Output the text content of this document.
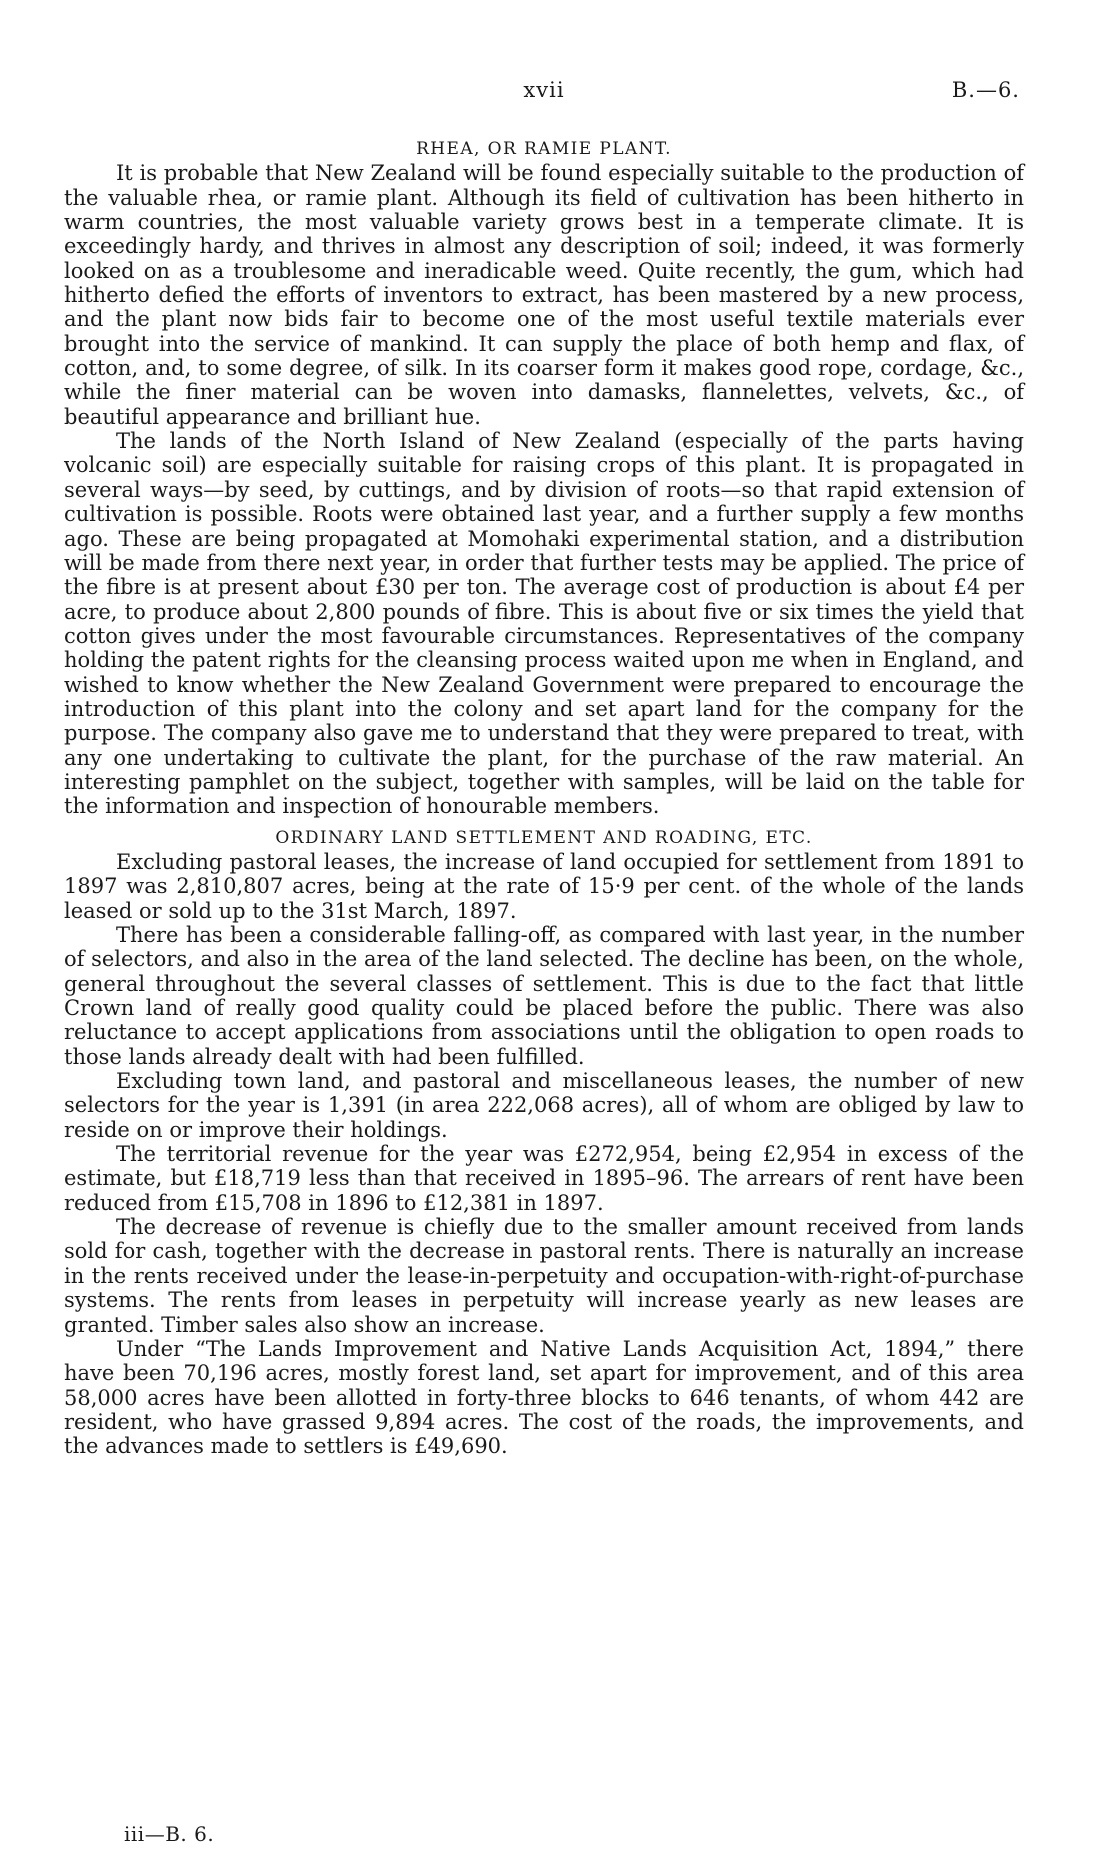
xvii	B.—6.
RHEA, OR RAMIE PLANT.

It is probable that New Zealand will be found especially suitable to the production of the valuable rhea, or ramie plant. Although its field of cultivation has been hitherto in warm countries, the most valuable variety grows best in a temperate climate. It is exceedingly hardy, and thrives in almost any description of soil; indeed, it was formerly looked on as a troublesome and ineradicable weed. Quite recently, the gum, which had hitherto defied the efforts of inventors to extract, has been mastered by a new process, and the plant now bids fair to become one of the most useful textile materials ever brought into the service of mankind. It can supply the place of both hemp and flax, of cotton, and, to some degree, of silk. In its coarser form it makes good rope, cordage, &c., while the finer material can be woven into damasks, flannelettes, velvets, &c., of beautiful appearance and brilliant hue.

The lands of the North Island of New Zealand (especially of the parts having volcanic soil) are especially suitable for raising crops of this plant. It is propagated in several ways—by seed, by cuttings, and by division of roots—so that rapid extension of cultivation is possible. Roots were obtained last year, and a further supply a few months ago. These are being propagated at Momohaki experimental station, and a distribution will be made from there next year, in order that further tests may be applied. The price of the fibre is at present about £30 per ton. The average cost of production is about £4 per acre, to produce about 2,800 pounds of fibre. This is about five or six times the yield that cotton gives under the most favourable circumstances. Representatives of the company holding the patent rights for the cleansing process waited upon me when in England, and wished to know whether the New Zealand Government were prepared to encourage the introduction of this plant into the colony and set apart land for the company for the purpose. The company also gave me to understand that they were prepared to treat, with any one undertaking to cultivate the plant, for the purchase of the raw material. An interesting pamphlet on the subject, together with samples, will be laid on the table for the information and inspection of honourable members.

ORDINARY LAND SETTLEMENT AND ROADING, ETC.

Excluding pastoral leases, the increase of land occupied for settlement from 1891 to 1897 was 2,810,807 acres, being at the rate of 15·9 per cent. of the whole of the lands leased or sold up to the 31st March, 1897.

There has been a considerable falling-off, as compared with last year, in the number of selectors, and also in the area of the land selected. The decline has been, on the whole, general throughout the several classes of settlement. This is due to the fact that little Crown land of really good quality could be placed before the public. There was also reluctance to accept applications from associations until the obligation to open roads to those lands already dealt with had been fulfilled.

Excluding town land, and pastoral and miscellaneous leases, the number of new selectors for the year is 1,391 (in area 222,068 acres), all of whom are obliged by law to reside on or improve their holdings.

The territorial revenue for the year was £272,954, being £2,954 in excess of the estimate, but £18,719 less than that received in 1895–96. The arrears of rent have been reduced from £15,708 in 1896 to £12,381 in 1897.

The decrease of revenue is chiefly due to the smaller amount received from lands sold for cash, together with the decrease in pastoral rents. There is naturally an increase in the rents received under the lease-in-perpetuity and occupation-with-right-of-purchase systems. The rents from leases in perpetuity will increase yearly as new leases are granted. Timber sales also show an increase.

Under “The Lands Improvement and Native Lands Acquisition Act, 1894,” there have been 70,196 acres, mostly forest land, set apart for improvement, and of this area 58,000 acres have been allotted in forty-three blocks to 646 tenants, of whom 442 are resident, who have grassed 9,894 acres. The cost of the roads, the improvements, and the advances made to settlers is £49,690.

iii—B. 6.
